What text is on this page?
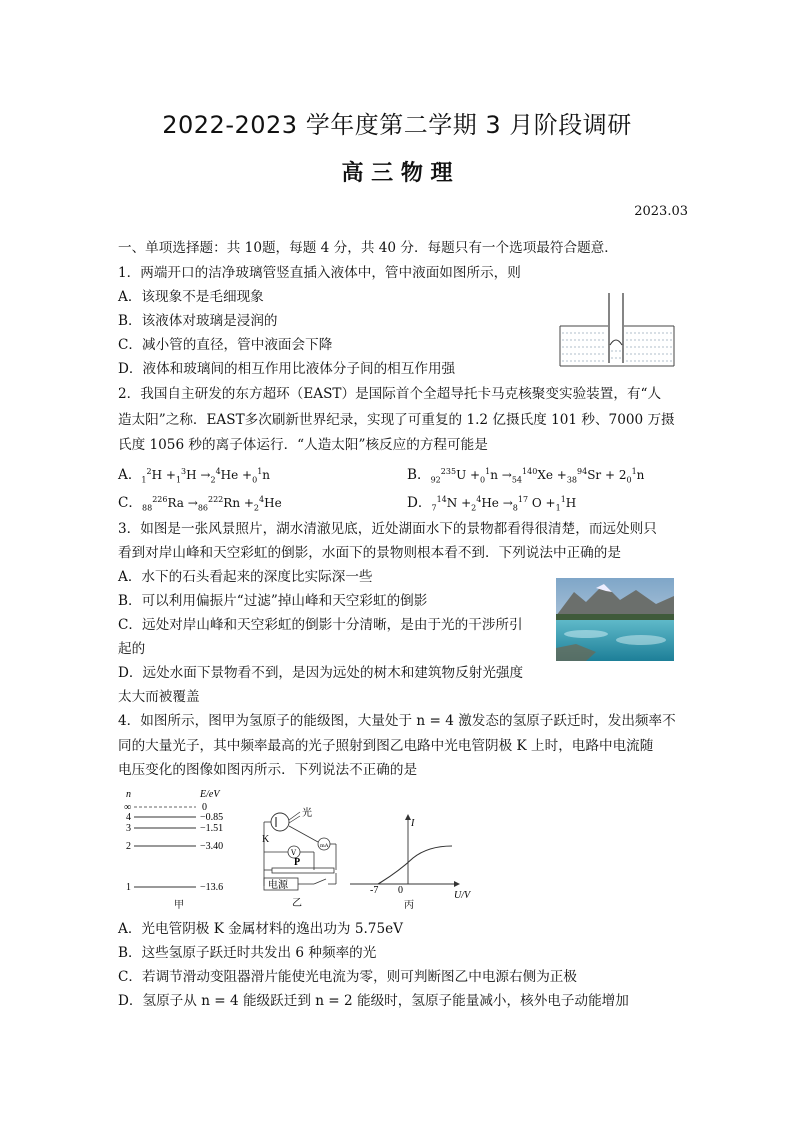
2022-2023 学年度第二学期 3 月阶段调研
高 三 物 理
2023.03
一、单项选择题：共 10题，每题 4 分，共 40 分．每题只有一个选项最符合题意．
1．两端开口的洁净玻璃管竖直插入液体中，管中液面如图所示，则
A．该现象不是毛细现象
B．该液体对玻璃是浸润的
C．减小管的直径，管中液面会下降
D．液体和玻璃间的相互作用比液体分子间的相互作用强
2．我国自主研发的东方超环（EAST）是国际首个全超导托卡马克核聚变实验装置，有“人
造太阳”之称．EAST多次刷新世界纪录，实现了可重复的 1.2 亿摄氏度 101 秒、7000 万摄
氏度 1056 秒的离子体运行．“人造太阳”核反应的方程可能是
A．$_1^2H +_1^3H \to_2^4He +_0^1n$	B．$_{92}^{235}U +_0^1n \to_{54}^{140}Xe +_{38}^{94}Sr + 2_0^1n$
C．$_{88}^{226}Ra \to_{86}^{222}Rn +_2^4He$	D．$_7^{14}N +_2^4He \to_8^{17}$ $O +_1^1H$
3．如图是一张风景照片，湖水清澈见底，近处湖面水下的景物都看得很清楚，而远处则只
看到对岸山峰和天空彩虹的倒影，水面下的景物则根本看不到．下列说法中正确的是
A．水下的石头看起来的深度比实际深一些
B．可以利用偏振片“过滤”掉山峰和天空彩虹的倒影
C．远处对岸山峰和天空彩虹的倒影十分清晰，是由于光的干涉所引
起的
D．远处水面下景物看不到，是因为远处的树木和建筑物反射光强度
太大而被覆盖
4．如图所示，图甲为氢原子的能级图，大量处于 n = 4 激发态的氢原子跃迁时，发出频率不
同的大量光子，其中频率最高的光子照射到图乙电路中光电管阴极 K 上时，电路中电流随
电压变化的图像如图丙所示．下列说法不正确的是
n	E/eV
∞	0
4	−0.85
3	−1.51
2	−3.40
1	−13.6
甲
光
K
mA
V
P
电源
乙
I
U/V
0
-7
丙
A．光电管阴极 K 金属材料的逸出功为 5.75eV
B．这些氢原子跃迁时共发出 6 种频率的光
C．若调节滑动变阻器滑片能使光电流为零，则可判断图乙中电源右侧为正极
D．氢原子从 n = 4 能级跃迁到 n = 2 能级时，氢原子能量减小，核外电子动能增加
